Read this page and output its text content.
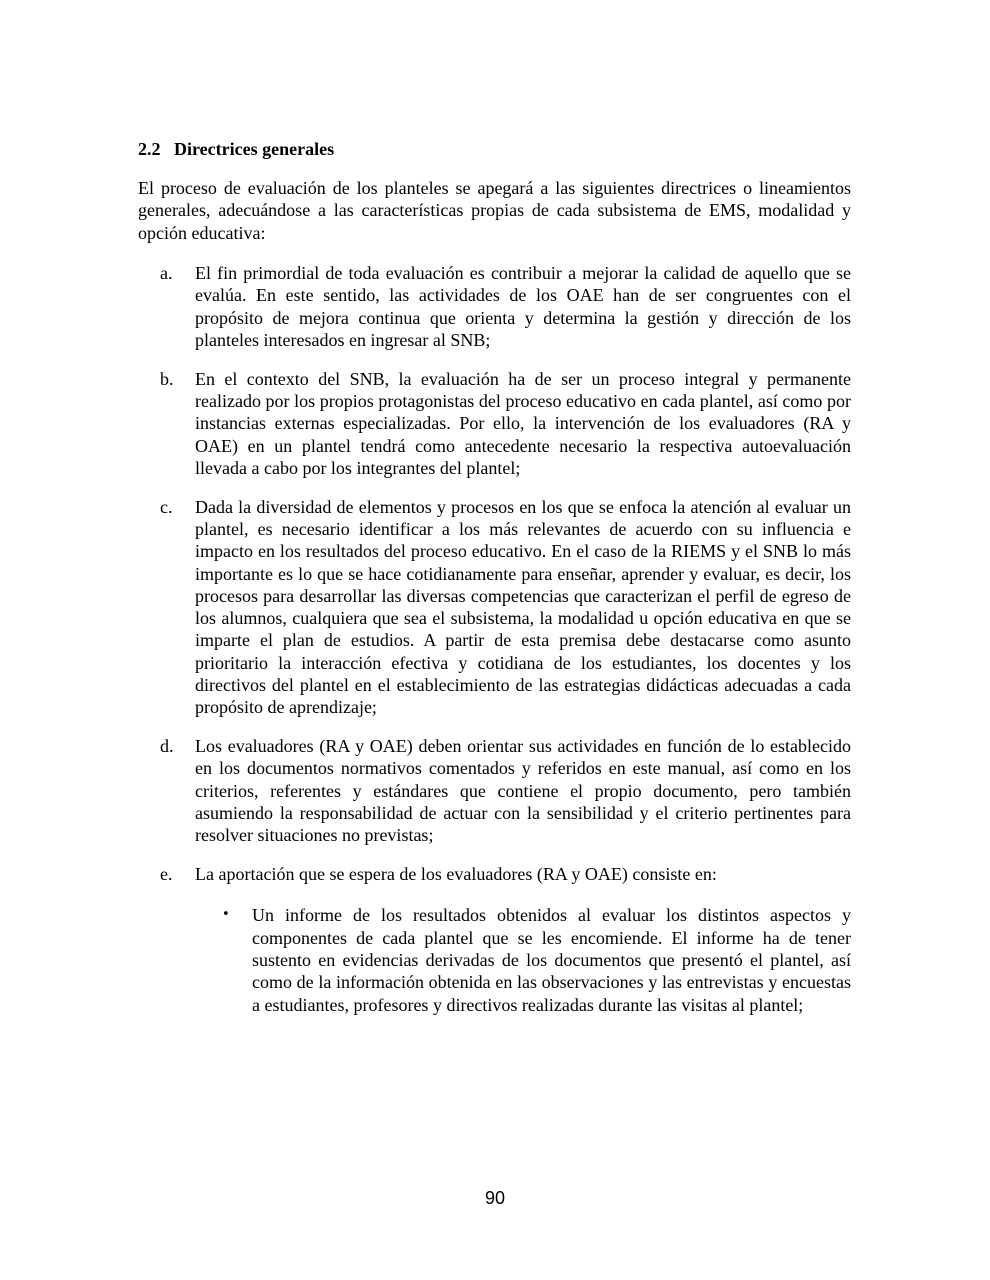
2.2 Directrices generales

El proceso de evaluación de los planteles se apegará a las siguientes directrices o lineamientos generales, adecuándose a las características propias de cada subsistema de EMS, modalidad y opción educativa:

a.	El fin primordial de toda evaluación es contribuir a mejorar la calidad de aquello que se evalúa. En este sentido, las actividades de los OAE han de ser congruentes con el propósito de mejora continua que orienta y determina la gestión y dirección de los planteles interesados en ingresar al SNB;
b.	En el contexto del SNB, la evaluación ha de ser un proceso integral y permanente realizado por los propios protagonistas del proceso educativo en cada plantel, así como por instancias externas especializadas. Por ello, la intervención de los evaluadores (RA y OAE) en un plantel tendrá como antecedente necesario la respectiva autoevaluación llevada a cabo por los integrantes del plantel;
c.	Dada la diversidad de elementos y procesos en los que se enfoca la atención al evaluar un plantel, es necesario identificar a los más relevantes de acuerdo con su influencia e impacto en los resultados del proceso educativo. En el caso de la RIEMS y el SNB lo más importante es lo que se hace cotidianamente para enseñar, aprender y evaluar, es decir, los procesos para desarrollar las diversas competencias que caracterizan el perfil de egreso de los alumnos, cualquiera que sea el subsistema, la modalidad u opción educativa en que se imparte el plan de estudios. A partir de esta premisa debe destacarse como asunto prioritario la interacción efectiva y cotidiana de los estudiantes, los docentes y los directivos del plantel en el establecimiento de las estrategias didácticas adecuadas a cada propósito de aprendizaje;
d.	Los evaluadores (RA y OAE) deben orientar sus actividades en función de lo establecido en los documentos normativos comentados y referidos en este manual, así como en los criterios, referentes y estándares que contiene el propio documento, pero también asumiendo la responsabilidad de actuar con la sensibilidad y el criterio pertinentes para resolver situaciones no previstas;
e.	La aportación que se espera de los evaluadores (RA y OAE) consiste en:
• Un informe de los resultados obtenidos al evaluar los distintos aspectos y componentes de cada plantel que se les encomiende. El informe ha de tener sustento en evidencias derivadas de los documentos que presentó el plantel, así como de la información obtenida en las observaciones y las entrevistas y encuestas a estudiantes, profesores y directivos realizadas durante las visitas al plantel;
90
